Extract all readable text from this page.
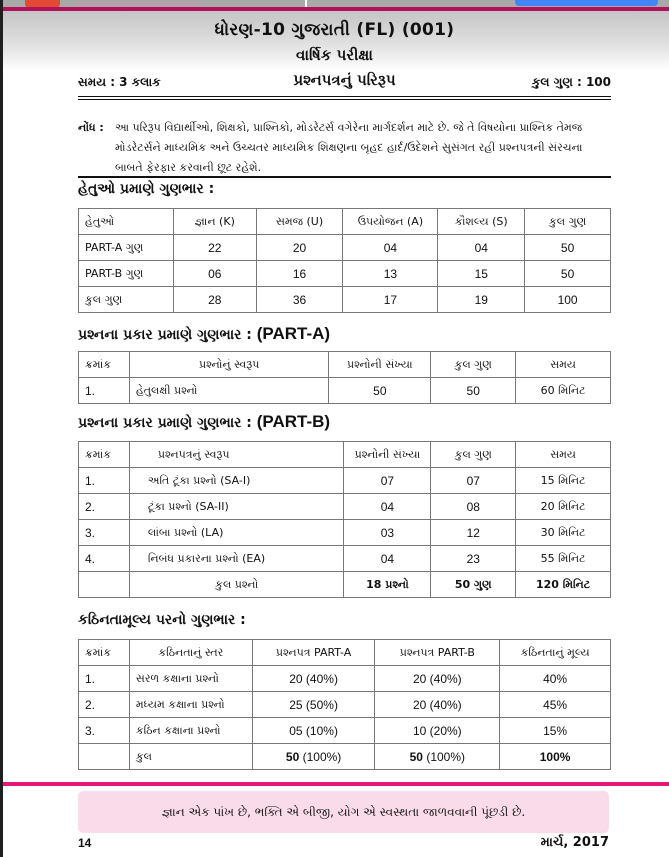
ધોરણ-10 ગુજરાતી (FL) (001)
વાર્ષિક પરીક્ષા
સમય : 3 કલાક	પ્રશ્નપત્રનું પરિરૂપ	કુલ ગુણ : 100
નોંધ : આ પરિરૂપ વિદ્યાર્થીઓ, શિક્ષકો, પ્રાશ્નિકો, મોડરેટર્સ વગેરેના માર્ગદર્શન માટે છે. જે તે વિષયોના પ્રાશ્નિક તેમજ મોડરેટર્સને માધ્યમિક અને ઉચ્ચતર માધ્યમિક શિક્ષણના બૃહદ હાર્દ/ઉદેશને સુસંગત રહી પ્રશ્નપત્રની સંરચના બાબતે ફેરફાર કરવાની છૂટ રહેશે.
હેતુઓ પ્રમાણે ગુણભાર :
હેતુઓ	જ્ઞાન (K)	સમજ (U)	ઉપયોજન (A)	કૌશલ્ય (S)	કુલ ગુણ
PART-A ગુણ	22	20	04	04	50
PART-B ગુણ	06	16	13	15	50
કુલ ગુણ	28	36	17	19	100
પ્રશ્નના પ્રકાર પ્રમાણે ગુણભાર : (PART-A)
ક્રમાંક	પ્રશ્નોનું સ્વરૂપ	પ્રશ્નોની સંખ્યા	કુલ ગુણ	સમય
1.	હેતુલક્ષી પ્રશ્નો	50	50	60 મિનિટ
પ્રશ્નના પ્રકાર પ્રમાણે ગુણભાર : (PART-B)
ક્રમાંક	પ્રશ્નપત્રનું સ્વરૂપ	પ્રશ્નોની સંખ્યા	કુલ ગુણ	સમય
1.	અતિ ટૂંકા પ્રશ્નો (SA-I)	07	07	15 મિનિટ
2.	ટૂંકા પ્રશ્નો (SA-II)	04	08	20 મિનિટ
3.	લાંબા પ્રશ્નો (LA)	03	12	30 મિનિટ
4.	નિબંધ પ્રકારના પ્રશ્નો (EA)	04	23	55 મિનિટ
	કુલ પ્રશ્નો	18 પ્રશ્નો	50 ગુણ	120 મિનિટ
કઠિનતામૂલ્ય પરનો ગુણભાર :
ક્રમાંક	કઠિનતાનું સ્તર	પ્રશ્નપત્ર PART-A	પ્રશ્નપત્ર PART-B	કઠિનતાનું મૂલ્ય
1.	સરળ કક્ષાના પ્રશ્નો	20 (40%)	20 (40%)	40%
2.	મધ્યમ કક્ષાના પ્રશ્નો	25 (50%)	20 (40%)	45%
3.	કઠિન કક્ષાના પ્રશ્નો	05 (10%)	10 (20%)	15%
	કુલ	50 (100%)	50 (100%)	100%
જ્ઞાન એક પાંખ છે, ભક્તિ એ બીજી, યોગ એ સ્વસ્થતા જાળવવાની પૂંછડી છે.
14	માર્ચ, 2017
